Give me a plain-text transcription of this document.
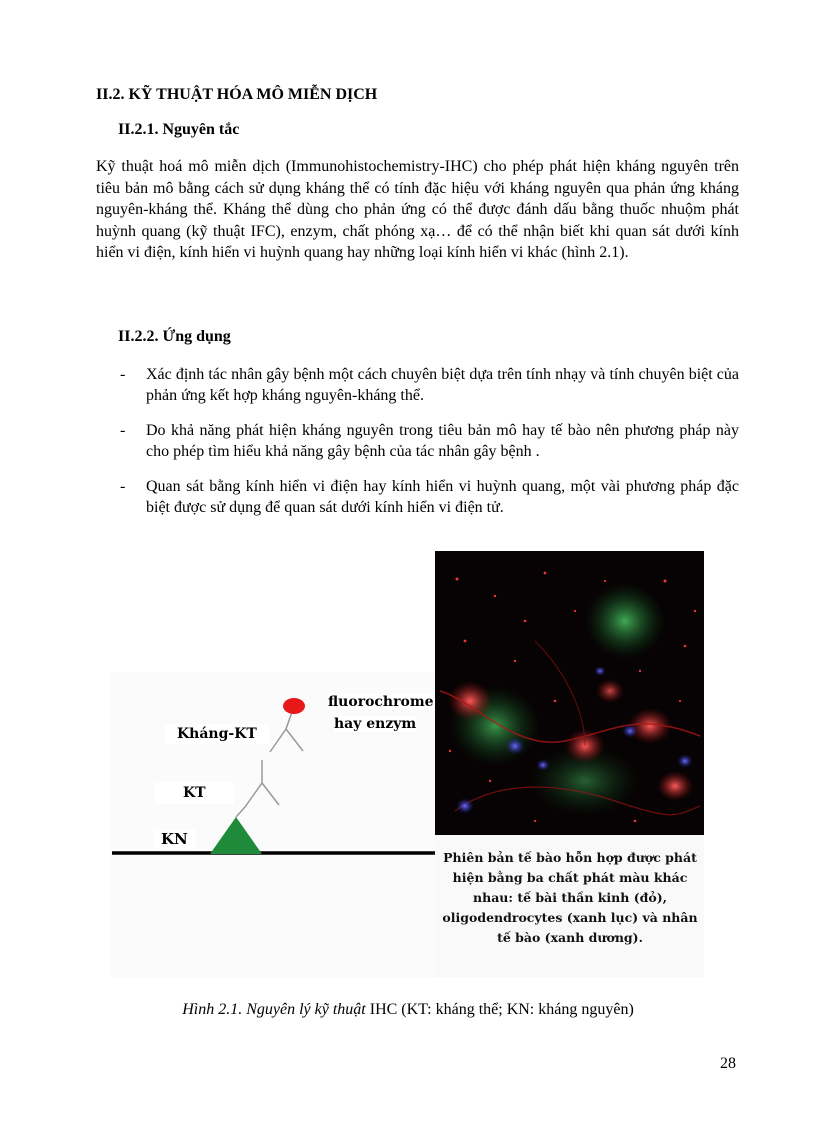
II.2. KỸ THUẬT HÓA MÔ MIỄN DỊCH
II.2.1. Nguyên tắc
Kỹ thuật hoá mô miễn dịch (Immunohistochemistry-IHC) cho phép phát hiện kháng nguyên trên tiêu bản mô bằng cách sử dụng kháng thể có tính đặc hiệu với kháng nguyên qua phản ứng kháng nguyên-kháng thể. Kháng thể dùng cho phản ứng có thể được đánh dấu bằng thuốc nhuộm phát huỳnh quang (kỹ thuật IFC), enzym, chất phóng xạ… để có thể nhận biết khi quan sát dưới kính hiển vi điện, kính hiển vi huỳnh quang hay những loại kính hiển vi khác (hình 2.1).
II.2.2. Ứng dụng
- Xác định tác nhân gây bệnh một cách chuyên biệt dựa trên tính nhạy và tính chuyên biệt của phản ứng kết hợp kháng nguyên-kháng thể.
- Do khả năng phát hiện kháng nguyên trong tiêu bản mô hay tế bào nên phương pháp này cho phép tìm hiểu khả năng gây bệnh của tác nhân gây bệnh .
- Quan sát bằng kính hiển vi điện hay kính hiển vi huỳnh quang, một vài phương pháp đặc biệt được sử dụng để quan sát dưới kính hiển vi điện tử.
fluorochrome
hay enzym
Kháng-KT
KT
KN
Phiên bản tế bào hỗn hợp được phát hiện bằng ba chất phát màu khác nhau: tế bài thần kinh (đỏ), oligodendrocytes (xanh lục) và nhân tế bào (xanh dương).
Hình 2.1. Nguyên lý kỹ thuật IHC (KT: kháng thể; KN: kháng nguyên)
28
